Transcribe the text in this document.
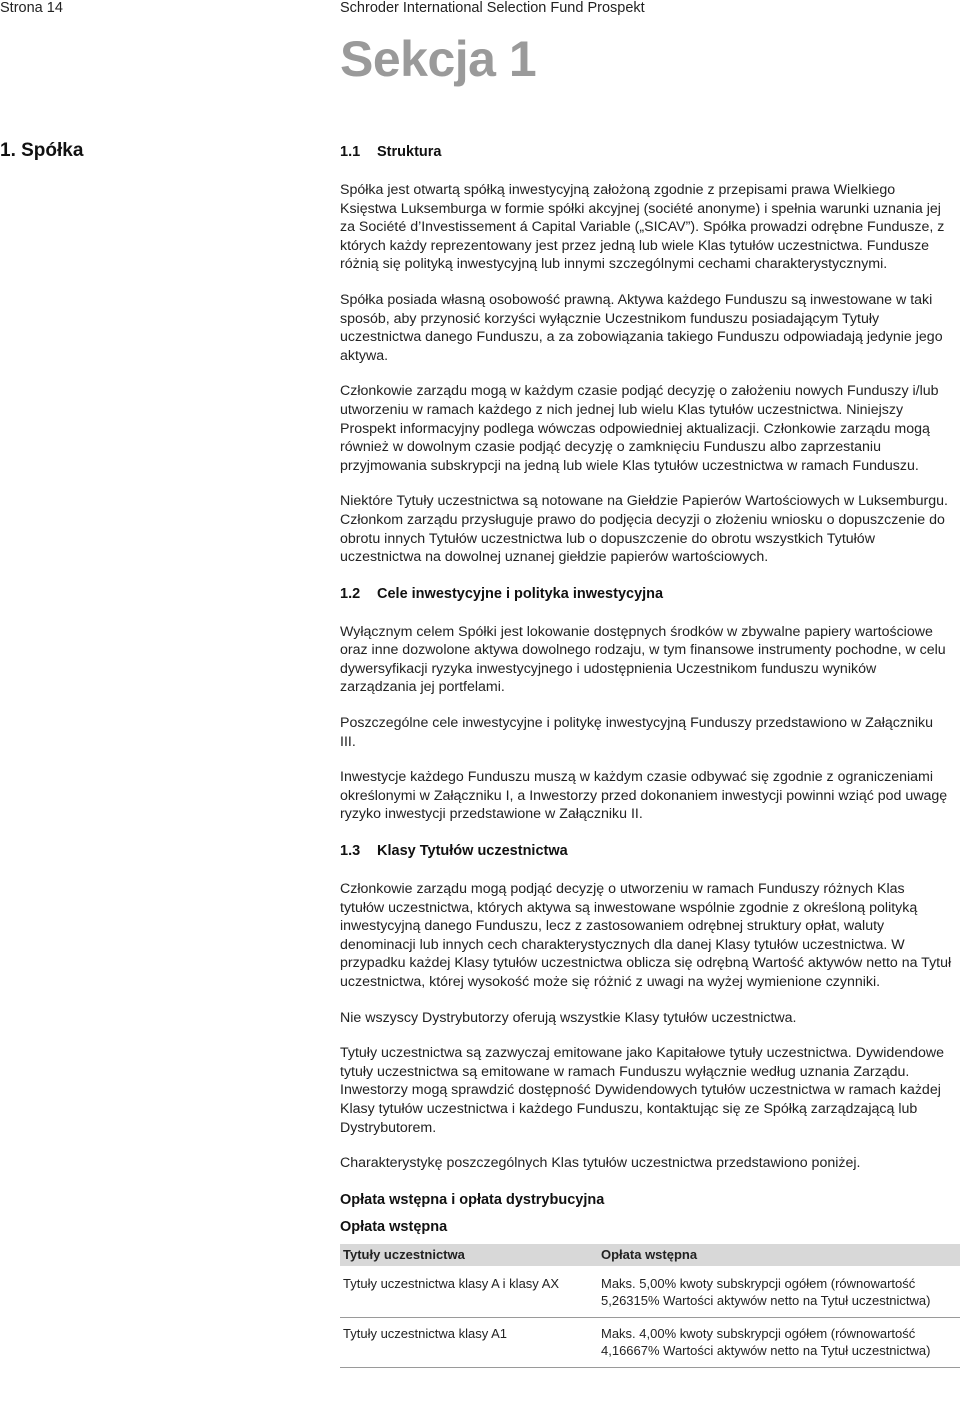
Strona 14	Schroder International Selection Fund Prospekt
Sekcja 1
1. Spółka	1.1 Struktura

Spółka jest otwartą spółką inwestycyjną założoną zgodnie z przepisami prawa Wielkiego Księstwa Luksemburga w formie spółki akcyjnej (société anonyme) i spełnia warunki uznania jej za Société d’Investissement á Capital Variable („SICAV”). Spółka prowadzi odrębne Fundusze, z których każdy reprezentowany jest przez jedną lub wiele Klas tytułów uczestnictwa. Fundusze różnią się polityką inwestycyjną lub innymi szczególnymi cechami charakterystycznymi.

Spółka posiada własną osobowość prawną. Aktywa każdego Funduszu są inwestowane w taki sposób, aby przynosić korzyści wyłącznie Uczestnikom funduszu posiadającym Tytuły uczestnictwa danego Funduszu, a za zobowiązania takiego Funduszu odpowiadają jedynie jego aktywa.

Członkowie zarządu mogą w każdym czasie podjąć decyzję o założeniu nowych Funduszy i/lub utworzeniu w ramach każdego z nich jednej lub wielu Klas tytułów uczestnictwa. Niniejszy Prospekt informacyjny podlega wówczas odpowiedniej aktualizacji. Członkowie zarządu mogą również w dowolnym czasie podjąć decyzję o zamknięciu Funduszu albo zaprzestaniu przyjmowania subskrypcji na jedną lub wiele Klas tytułów uczestnictwa w ramach Funduszu.

Niektóre Tytuły uczestnictwa są notowane na Giełdzie Papierów Wartościowych w Luksemburgu. Członkom zarządu przysługuje prawo do podjęcia decyzji o złożeniu wniosku o dopuszczenie do obrotu innych Tytułów uczestnictwa lub o dopuszczenie do obrotu wszystkich Tytułów uczestnictwa na dowolnej uznanej giełdzie papierów wartościowych.

1.2 Cele inwestycyjne i polityka inwestycyjna

Wyłącznym celem Spółki jest lokowanie dostępnych środków w zbywalne papiery wartościowe oraz inne dozwolone aktywa dowolnego rodzaju, w tym finansowe instrumenty pochodne, w celu dywersyfikacji ryzyka inwestycyjnego i udostępnienia Uczestnikom funduszu wyników zarządzania jej portfelami.

Poszczególne cele inwestycyjne i politykę inwestycyjną Funduszy przedstawiono w Załączniku III.

Inwestycje każdego Funduszu muszą w każdym czasie odbywać się zgodnie z ograniczeniami określonymi w Załączniku I, a Inwestorzy przed dokonaniem inwestycji powinni wziąć pod uwagę ryzyko inwestycji przedstawione w Załączniku II.

1.3 Klasy Tytułów uczestnictwa

Członkowie zarządu mogą podjąć decyzję o utworzeniu w ramach Funduszy różnych Klas tytułów uczestnictwa, których aktywa są inwestowane wspólnie zgodnie z określoną polityką inwestycyjną danego Funduszu, lecz z zastosowaniem odrębnej struktury opłat, waluty denominacji lub innych cech charakterystycznych dla danej Klasy tytułów uczestnictwa. W przypadku każdej Klasy tytułów uczestnictwa oblicza się odrębną Wartość aktywów netto na Tytuł uczestnictwa, której wysokość może się różnić z uwagi na wyżej wymienione czynniki.

Nie wszyscy Dystrybutorzy oferują wszystkie Klasy tytułów uczestnictwa.

Tytuły uczestnictwa są zazwyczaj emitowane jako Kapitałowe tytuły uczestnictwa. Dywidendowe tytuły uczestnictwa są emitowane w ramach Funduszu wyłącznie według uznania Zarządu. Inwestorzy mogą sprawdzić dostępność Dywidendowych tytułów uczestnictwa w ramach każdej Klasy tytułów uczestnictwa i każdego Funduszu, kontaktując się ze Spółką zarządzającą lub Dystrybutorem.

Charakterystykę poszczególnych Klas tytułów uczestnictwa przedstawiono poniżej.

Opłata wstępna i opłata dystrybucyjna
Opłata wstępna
Tytuły uczestnictwa	Opłata wstępna
Tytuły uczestnictwa klasy A i klasy AX	Maks. 5,00% kwoty subskrypcji ogółem (równowartość 5,26315% Wartości aktywów netto na Tytuł uczestnictwa)
Tytuły uczestnictwa klasy A1	Maks. 4,00% kwoty subskrypcji ogółem (równowartość 4,16667% Wartości aktywów netto na Tytuł uczestnictwa)
